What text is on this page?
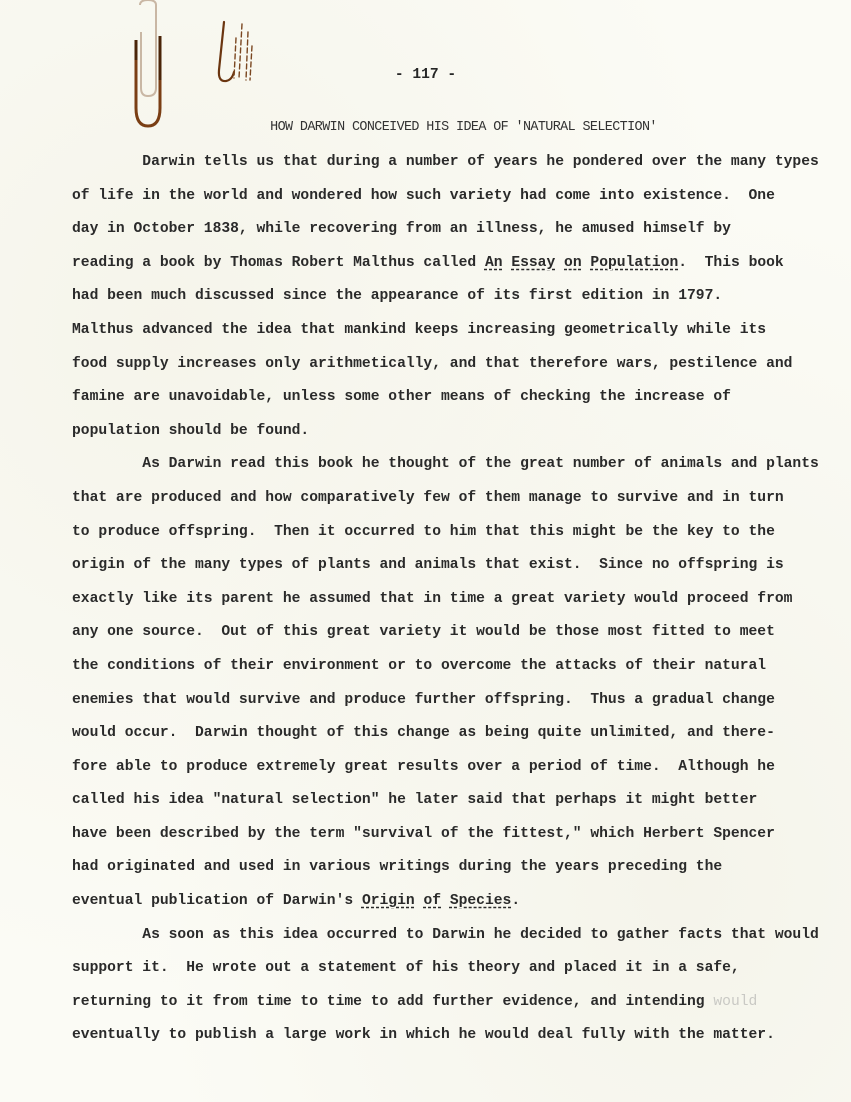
- 117 -
HOW DARWIN CONCEIVED HIS IDEA OF 'NATURAL SELECTION'
Darwin tells us that during a number of years he pondered over the many types
of life in the world and wondered how such variety had come into existence.  One
day in October 1838, while recovering from an illness, he amused himself by
reading a book by Thomas Robert Malthus called An Essay on Population.  This book
had been much discussed since the appearance of its first edition in 1797.
Malthus advanced the idea that mankind keeps increasing geometrically while its
food supply increases only arithmetically, and that therefore wars, pestilence and
famine are unavoidable, unless some other means of checking the increase of
population should be found.
As Darwin read this book he thought of the great number of animals and plants
that are produced and how comparatively few of them manage to survive and in turn
to produce offspring.  Then it occurred to him that this might be the key to the
origin of the many types of plants and animals that exist.  Since no offspring is
exactly like its parent he assumed that in time a great variety would proceed from
any one source.  Out of this great variety it would be those most fitted to meet
the conditions of their environment or to overcome the attacks of their natural
enemies that would survive and produce further offspring.  Thus a gradual change
would occur.  Darwin thought of this change as being quite unlimited, and there-
fore able to produce extremely great results over a period of time.  Although he
called his idea "natural selection" he later said that perhaps it might better
have been described by the term "survival of the fittest," which Herbert Spencer
had originated and used in various writings during the years preceding the
eventual publication of Darwin's Origin of Species.
As soon as this idea occurred to Darwin he decided to gather facts that would
support it.  He wrote out a statement of his theory and placed it in a safe,
returning to it from time to time to add further evidence, and intending would
eventually to publish a large work in which he would deal fully with the matter.
